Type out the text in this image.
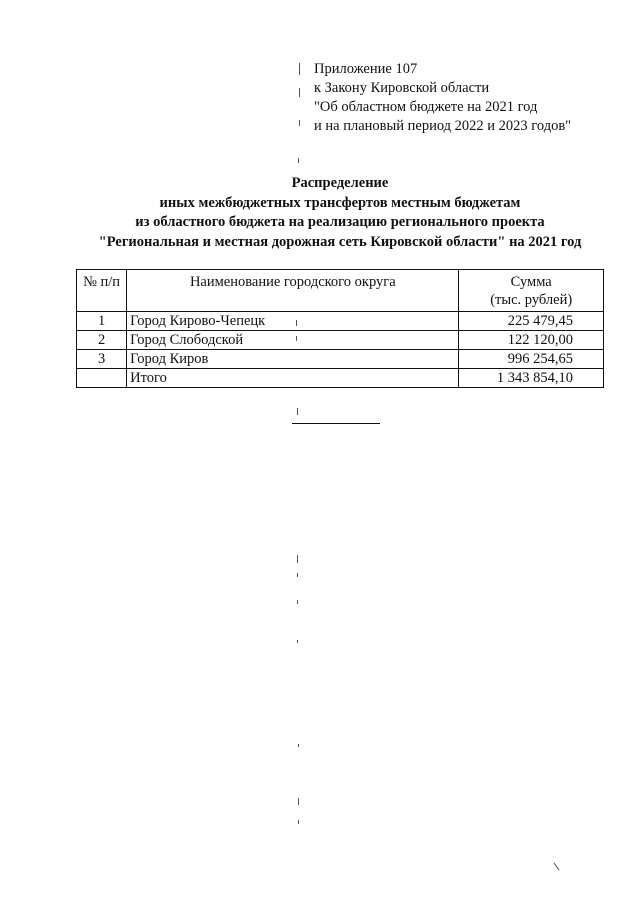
Приложение 107
к Закону Кировской области
"Об областном бюджете на 2021 год
и на плановый период 2022 и 2023 годов"
Распределение
иных межбюджетных трансфертов местным бюджетам
из областного бюджета на реализацию регионального проекта
"Региональная и местная дорожная сеть Кировской области" на 2021 год
№ п/п	Наименование городского округа	Сумма
(тыс. рублей)

1	Город Кирово-Чепецк	225 479,45
2	Город Слободской	122 120,00
3	Город Киров	996 254,65
	Итого	1 343 854,10
